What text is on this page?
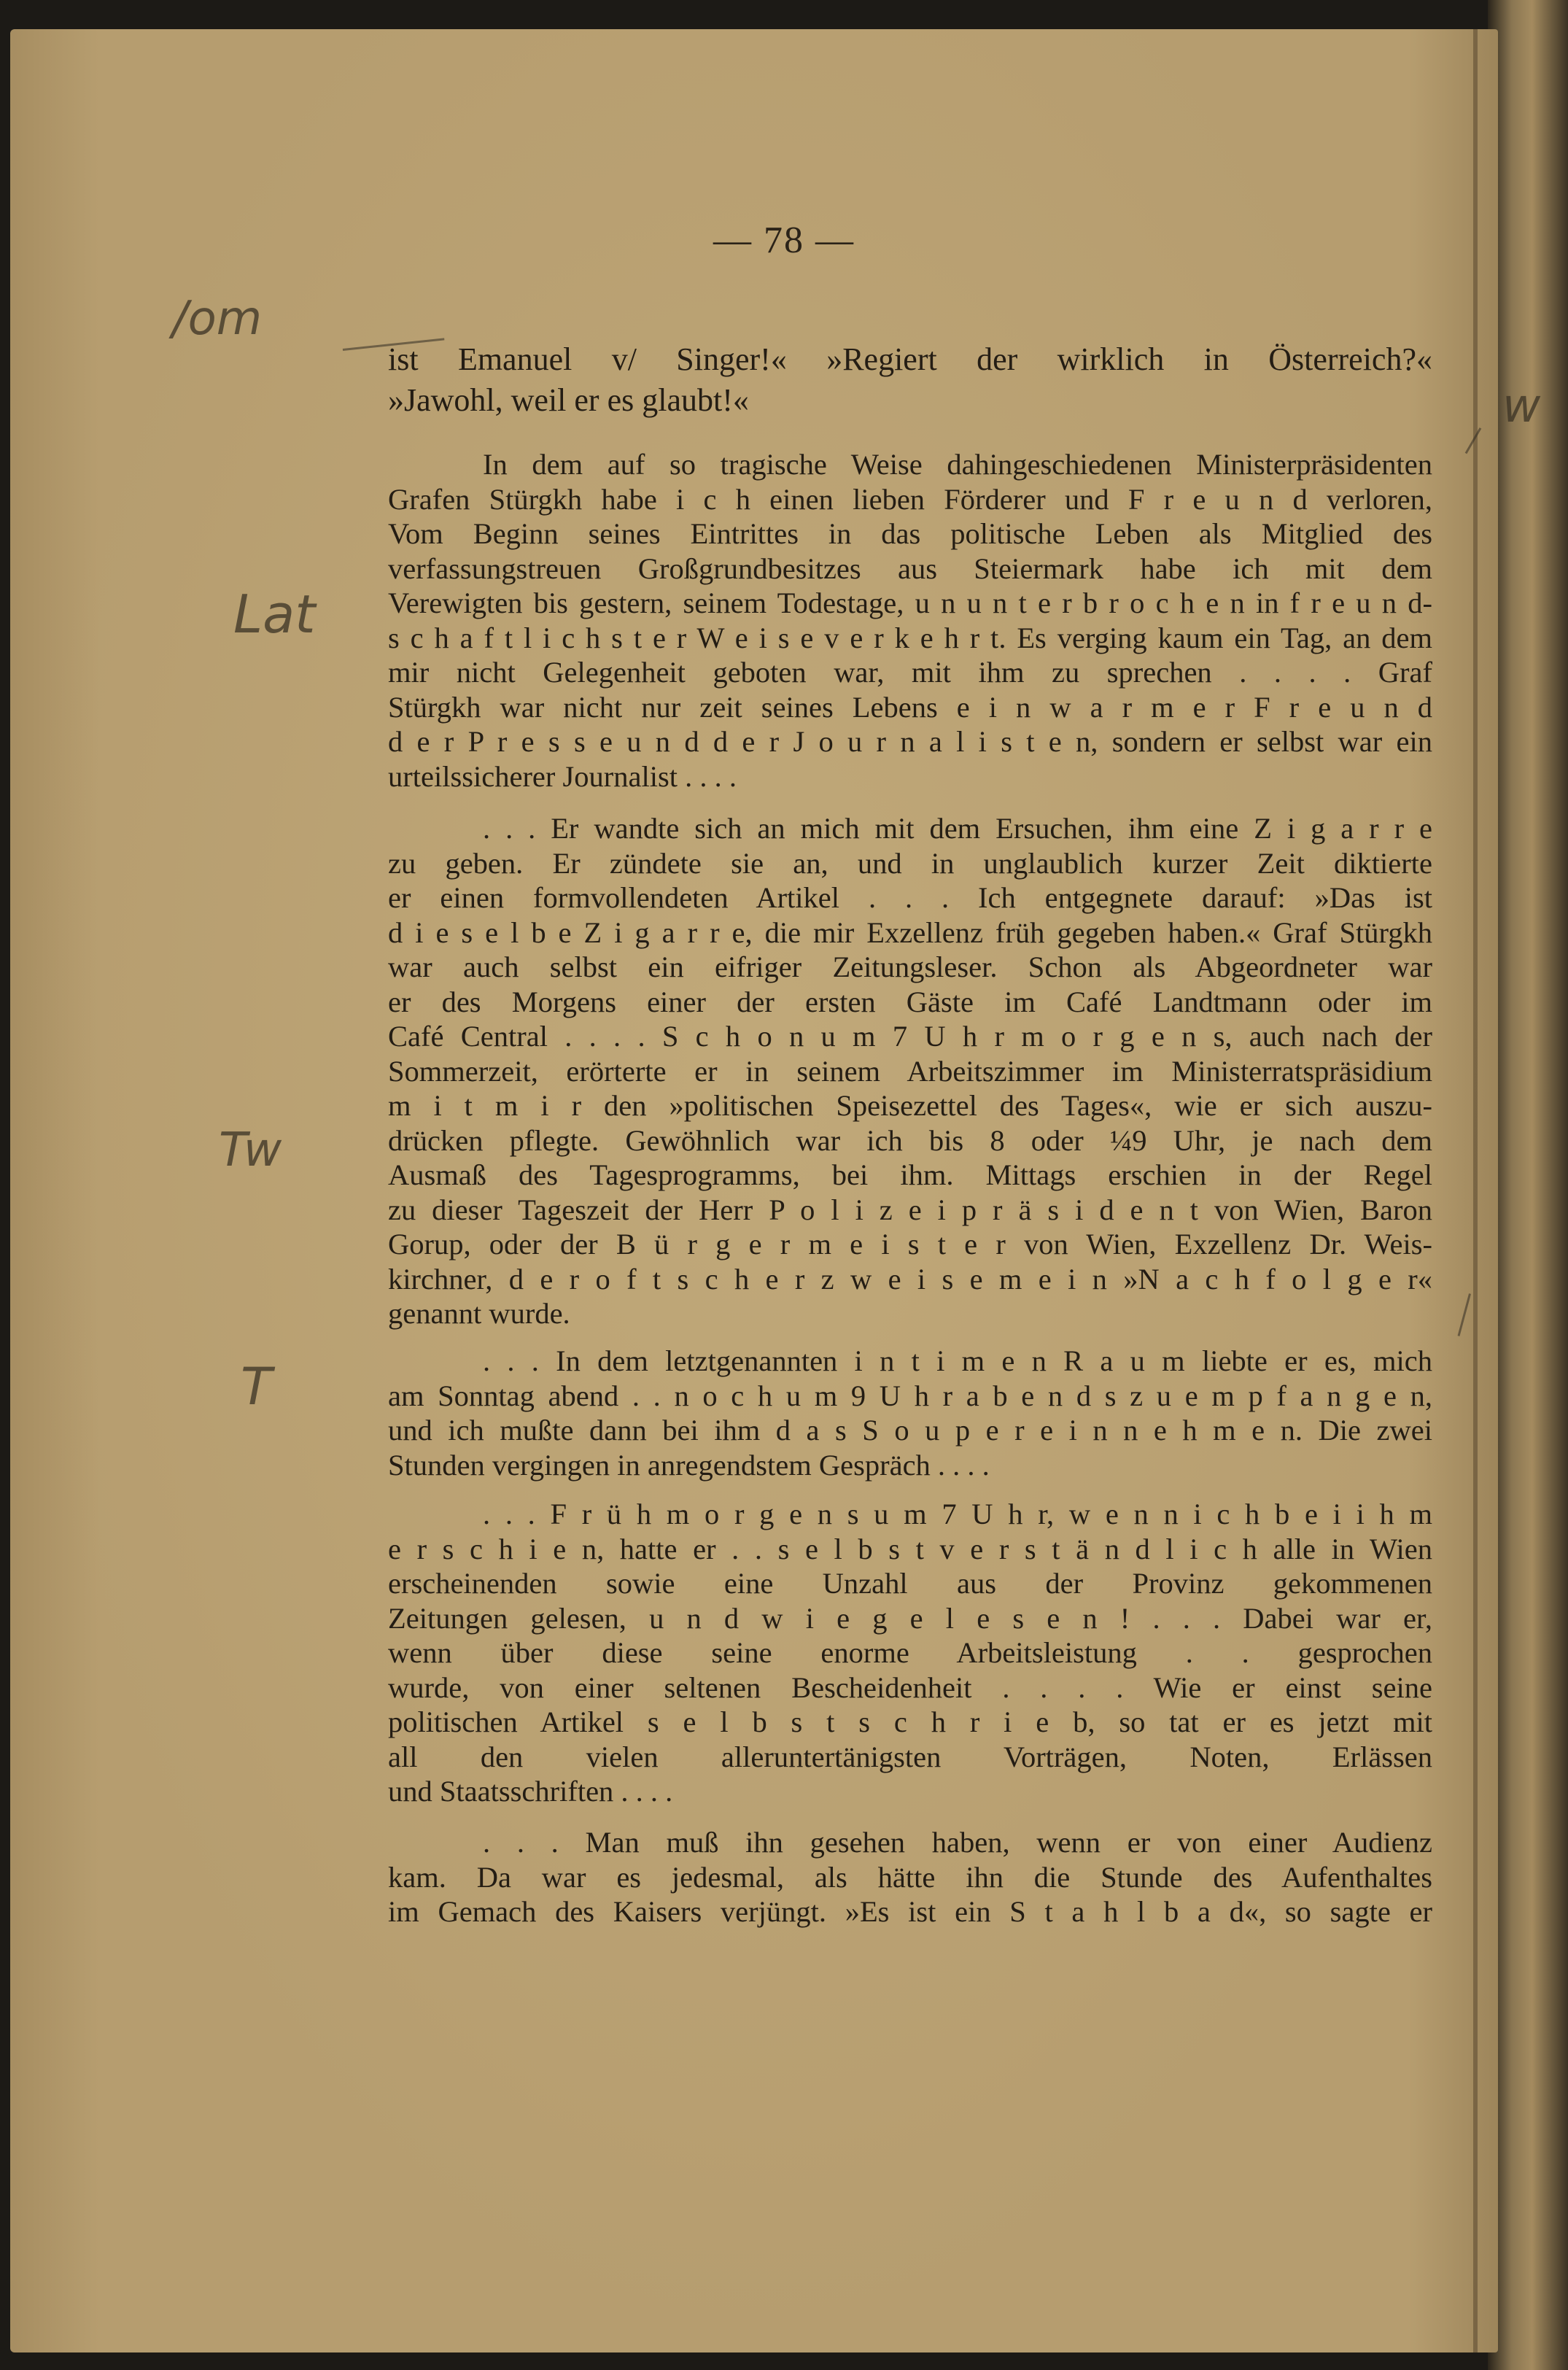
— 78 —
/om
Lat
Tw
T
w
ist Emanuel v/ Singer!« »Regiert der wirklich in Österreich?«
»Jawohl, weil er es glaubt!«
In dem auf so tragische Weise dahingeschiedenen Ministerpräsidenten
Grafen Stürgkh habe i c h einen lieben Förderer und F r e u n d verloren,
Vom Beginn seines Eintrittes in das politische Leben als Mitglied des
verfassungstreuen Großgrundbesitzes aus Steiermark habe ich mit dem
Verewigten bis gestern, seinem Todestage, u n u n t e r b r o c h e n in f r e u n d-
s c h a f t l i c h s t e r W e i s e v e r k e h r t. Es verging kaum ein Tag, an dem
mir nicht Gelegenheit geboten war, mit ihm zu sprechen . . . . Graf
Stürgkh war nicht nur zeit seines Lebens e i n w a r m e r F r e u n d
d e r P r e s s e u n d d e r J o u r n a l i s t e n, sondern er selbst war ein
urteilssicherer Journalist . . . .
. . . Er wandte sich an mich mit dem Ersuchen, ihm eine Z i g a r r e
zu geben. Er zündete sie an, und in unglaublich kurzer Zeit diktierte
er einen formvollendeten Artikel . . . Ich entgegnete darauf: »Das ist
d i e s e l b e Z i g a r r e, die mir Exzellenz früh gegeben haben.« Graf Stürgkh
war auch selbst ein eifriger Zeitungsleser. Schon als Abgeordneter war
er des Morgens einer der ersten Gäste im Café Landtmann oder im
Café Central . . . . S c h o n u m 7 U h r m o r g e n s, auch nach der
Sommerzeit, erörterte er in seinem Arbeitszimmer im Ministerratspräsidium
m i t m i r den »politischen Speisezettel des Tages«, wie er sich auszu-
drücken pflegte. Gewöhnlich war ich bis 8 oder ¼9 Uhr, je nach dem
Ausmaß des Tagesprogramms, bei ihm. Mittags erschien in der Regel
zu dieser Tageszeit der Herr P o l i z e i p r ä s i d e n t von Wien, Baron
Gorup, oder der B ü r g e r m e i s t e r von Wien, Exzellenz Dr. Weis-
kirchner, d e r o f t s c h e r z w e i s e m e i n »N a c h f o l g e r«
genannt wurde.
. . . In dem letztgenannten i n t i m e n R a u m liebte er es, mich
am Sonntag abend . . n o c h u m 9 U h r a b e n d s z u e m p f a n g e n,
und ich mußte dann bei ihm d a s S o u p e r e i n n e h m e n. Die zwei
Stunden vergingen in anregendstem Gespräch . . . .
. . . F r ü h m o r g e n s u m 7 U h r, w e n n i c h b e i i h m
e r s c h i e n, hatte er . . s e l b s t v e r s t ä n d l i c h alle in Wien
erscheinenden sowie eine Unzahl aus der Provinz gekommenen
Zeitungen gelesen, u n d w i e g e l e s e n ! . . . Dabei war er,
wenn über diese seine enorme Arbeitsleistung . . gesprochen
wurde, von einer seltenen Bescheidenheit . . . . Wie er einst seine
politischen Artikel s e l b s t s c h r i e b, so tat er es jetzt mit
all den vielen alleruntertänigsten Vorträgen, Noten, Erlässen
und Staatsschriften . . . .
. . . Man muß ihn gesehen haben, wenn er von einer Audienz
kam. Da war es jedesmal, als hätte ihn die Stunde des Aufenthaltes
im Gemach des Kaisers verjüngt. »Es ist ein S t a h l b a d«, so sagte er
